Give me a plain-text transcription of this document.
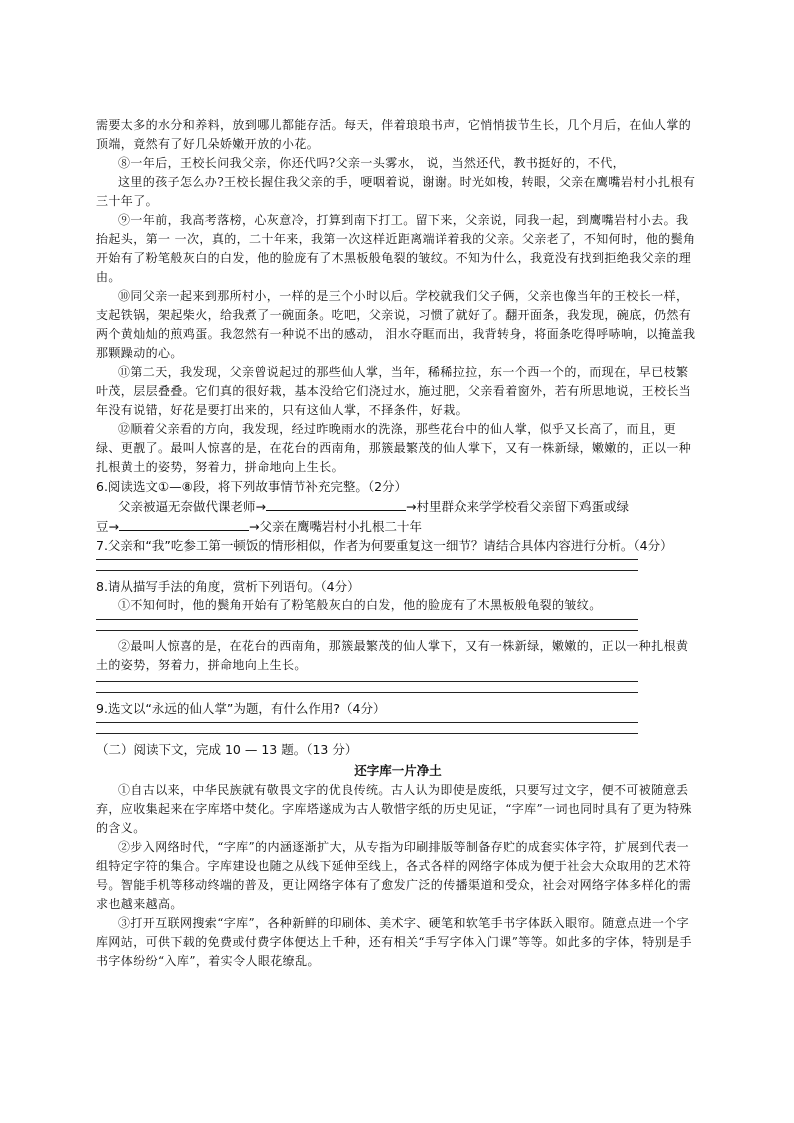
需要太多的水分和养料，放到哪儿都能存活。每天，伴着琅琅书声，它悄悄拔节生长，几个月后，在仙人掌的顶端，竟然有了好几朵娇嫩开放的小花。

⑧一年后，王校长问我父亲，你还代吗?父亲一头雾水， 说，当然还代，教书挺好的，不代，

这里的孩子怎么办?王校长握住我父亲的手，哽咽着说，谢谢。时光如梭，转眼，父亲在鹰嘴岩村小扎根有三十年了。

⑨一年前，我高考落榜，心灰意冷，打算到南下打工。留下来，父亲说，同我一起，到鹰嘴岩村小去。我抬起头，第一 一次，真的，二十年来，我第一次这样近距离端详着我的父亲。父亲老了，不知何时，他的鬓角开始有了粉笔般灰白的白发，他的脸庞有了木黑板般龟裂的皱纹。不知为什么，我竟没有找到拒绝我父亲的理由。

⑩同父亲一起来到那所村小，一样的是三个小时以后。学校就我们父子俩，父亲也像当年的王校长一样，支起铁锅，架起柴火，给我煮了一碗面条。吃吧，父亲说，习惯了就好了。翻开面条，我发现，碗底，仍然有两个黄灿灿的煎鸡蛋。我忽然有一种说不出的感动， 泪水夺眶而出，我背转身，将面条吃得呼哧响，以掩盖我那颗躁动的心。

⑪第二天，我发现，父亲曾说起过的那些仙人掌，当年，稀稀拉拉，东一个西一个的，而现在，早已枝繁叶茂，层层叠叠。它们真的很好栽，基本没给它们浇过水，施过肥，父亲看着窗外，若有所思地说，王校长当年没有说错，好花是要打出来的，只有这仙人掌，不择条件，好栽。

⑫顺着父亲看的方向，我发现，经过昨晚雨水的洗涤，那些花台中的仙人掌，似乎又长高了，而且，更绿、更靓了。最叫人惊喜的是，在花台的西南角，那簇最繁茂的仙人掌下，又有一株新绿，嫩嫩的，正以一种扎根黄土的姿势，努着力，拼命地向上生长。

6.阅读选文①—⑧段，将下列故事情节补充完整。（2分）

父亲被逼无奈做代课老师→	→村里群众来学学校看父亲留下鸡蛋或绿

豆→	→父亲在鹰嘴岩村小扎根二十年

7.父亲和“我”吃参工第一顿饭的情形相似，作者为何要重复这一细节？请结合具体内容进行分析。（4分）

8.请从描写手法的角度，赏析下列语句。（4分）

①不知何时，他的鬓角开始有了粉笔般灰白的白发，他的脸庞有了木黑板般龟裂的皱纹。

②最叫人惊喜的是，在花台的西南角，那簇最繁茂的仙人掌下，又有一株新绿，嫩嫩的，正以一种扎根黄土的姿势，努着力，拼命地向上生长。

9.选文以“永远的仙人掌”为题，有什么作用?（4分）

（二）阅读下文，完成 10 — 13 题。（13 分）

还字库一片净土

①自古以来，中华民族就有敬畏文字的优良传统。古人认为即使是废纸，只要写过文字，便不可被随意丢弃，应收集起来在字库塔中焚化。字库塔遂成为古人敬惜字纸的历史见证，“字库”一词也同时具有了更为特殊的含义。

②步入网络时代，“字库”的内涵逐渐扩大，从专指为印刷排版等制备存贮的成套实体字符，扩展到代表一组特定字符的集合。字库建设也随之从线下延伸至线上，各式各样的网络字体成为便于社会大众取用的艺术符号。智能手机等移动终端的普及，更让网络字体有了愈发广泛的传播渠道和受众，社会对网络字体多样化的需求也越来越高。

③打开互联网搜索“字库”，各种新鲜的印刷体、美术字、硬笔和软笔手书字体跃入眼帘。随意点进一个字库网站，可供下载的免费或付费字体便达上千种，还有相关“手写字体入门课”等等。如此多的字体，特别是手书字体纷纷“入库”，着实令人眼花缭乱。
